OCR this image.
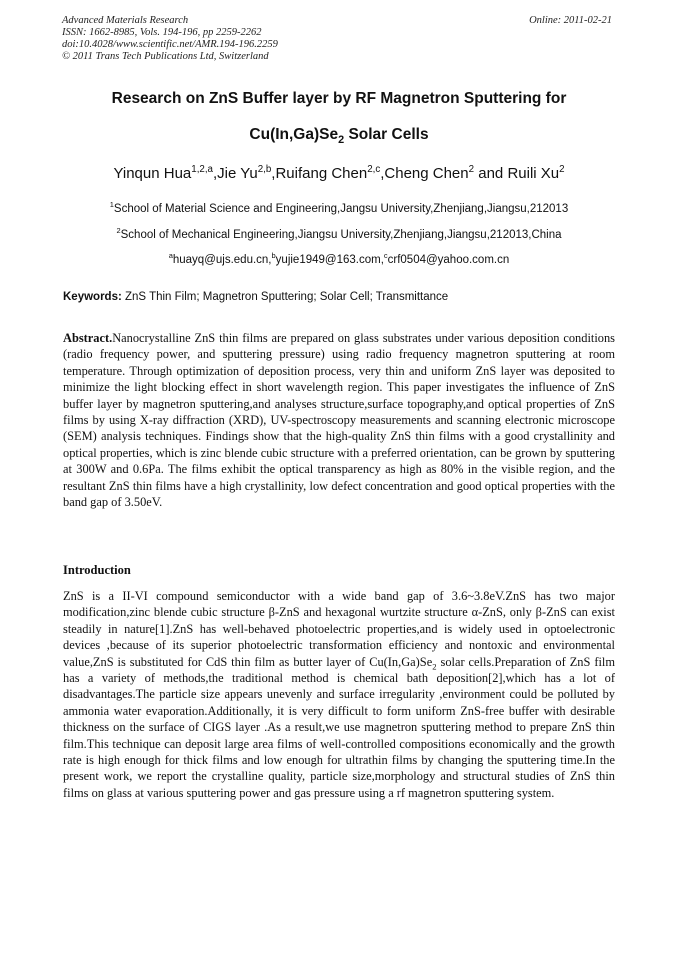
Advanced Materials Research
ISSN: 1662-8985, Vols. 194-196, pp 2259-2262
doi:10.4028/www.scientific.net/AMR.194-196.2259
© 2011 Trans Tech Publications Ltd, Switzerland
Online: 2011-02-21
Research on ZnS Buffer layer by RF Magnetron Sputtering for
$Cu(In,Ga)Se_2$ Solar Cells
Yinqun Hua$^{1,2,a}$,Jie Yu$^{2,b}$,Ruifang Chen$^{2,c}$,Cheng Chen$^2$ and Ruili Xu$^2$
$^1$School of Material Science and Engineering,Jangsu University,Zhenjiang,Jiangsu,212013
$^2$School of Mechanical Engineering,Jiangsu University,Zhenjiang,Jiangsu,212013,China
$^a$huayq@ujs.edu.cn,$^b$yujie1949@163.com,$^c$crf0504@yahoo.com.cn
Keywords: ZnS Thin Film; Magnetron Sputtering; Solar Cell; Transmittance

Abstract.Nanocrystalline ZnS thin films are prepared on glass substrates under various deposition conditions (radio frequency power, and sputtering pressure) using radio frequency magnetron sputtering at room temperature. Through optimization of deposition process, very thin and uniform ZnS layer was deposited to minimize the light blocking effect in short wavelength region. This paper investigates the influence of ZnS buffer layer by magnetron sputtering,and analyses structure,surface topography,and optical properties of ZnS films by using X-ray diffraction (XRD), UV-spectroscopy measurements and scanning electronic microscope (SEM) analysis techniques. Findings show that the high-quality ZnS thin films with a good crystallinity and optical properties, which is zinc blende cubic structure with a preferred orientation, can be grown by sputtering at 300W and 0.6Pa. The films exhibit the optical transparency as high as 80% in the visible region, and the resultant ZnS thin films have a high crystallinity, low defect concentration and good optical properties with the band gap of 3.50eV.

Introduction

ZnS is a II-VI compound semiconductor with a wide band gap of 3.6~3.8eV.ZnS has two major modification,zinc blende cubic structure β-ZnS and hexagonal wurtzite structure α-ZnS, only β-ZnS can exist steadily in nature[1].ZnS has well-behaved photoelectric properties,and is widely used in optoelectronic devices ,because of its superior photoelectric transformation efficiency and nontoxic and environmental value,ZnS is substituted for CdS thin film as butter layer of $Cu(In,Ga)Se_2$ solar cells.Preparation of ZnS film has a variety of methods,the traditional method is chemical bath deposition[2],which has a lot of disadvantages.The particle size appears unevenly and surface irregularity ,environment could be polluted by ammonia water evaporation.Additionally, it is very difficult to form uniform ZnS-free buffer with desirable thickness on the surface of CIGS layer .As a result,we use magnetron sputtering method to prepare ZnS thin film.This technique can deposit large area films of well-controlled compositions economically and the growth rate is high enough for thick films and low enough for ultrathin films by changing the sputtering time.In the present work, we report the crystalline quality, particle size,morphology and structural studies of ZnS thin films on glass at various sputtering power and gas pressure using a rf magnetron sputtering system.
